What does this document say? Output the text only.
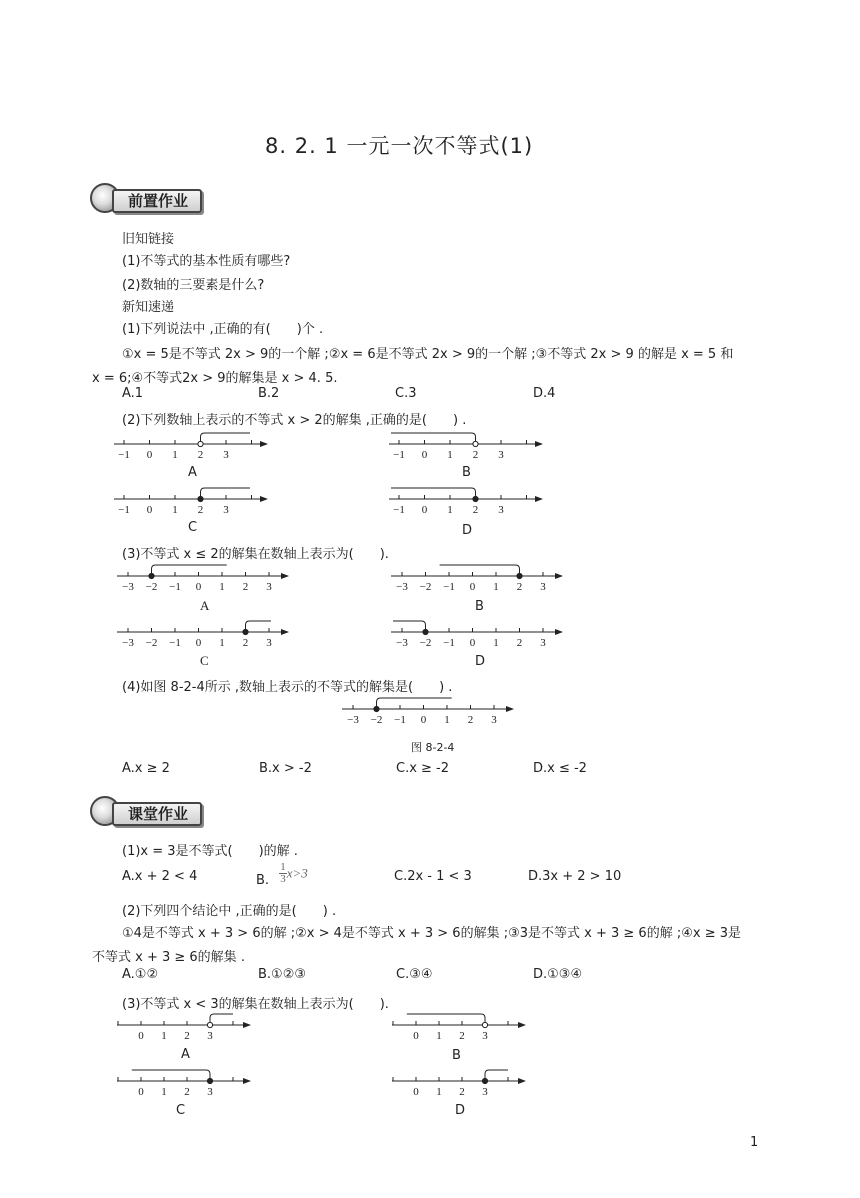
8. 2. 1 一元一次不等式(1)
前置作业
旧知链接
(1)不等式的基本性质有哪些?
(2)数轴的三要素是什么?
新知速递
(1)下列说法中 ,正确的有(　　)个 .
①x = 5是不等式 2x > 9的一个解 ;②x = 6是不等式 2x > 9的一个解 ;③不等式 2x > 9 的解是 x = 5 和
x = 6;④不等式2x > 9的解集是 x > 4. 5.
A.1	B.2	C.3	D.4
(2)下列数轴上表示的不等式 x > 2的解集 ,正确的是(　　) .
−1 0 1 2 3
A
−1 0 1 2 3
B
−1 0 1 2 3
C
−1 0 1 2 3
D
(3)不等式 x ≤ 2的解集在数轴上表示为(　　).
−3 −2 −1 0 1 2 3
A
−3 −2 −1 0 1 2 3
B
−3 −2 −1 0 1 2 3
C
−3 −2 −1 0 1 2 3
D
(4)如图 8-2-4所示 ,数轴上表示的不等式的解集是(　　) .
−3 −2 −1 0 1 2 3
图 8-2-4
A.x ≥ 2	B.x > -2	C.x ≥ -2	D.x ≤ -2
课堂作业
(1)x = 3是不等式(　　)的解 .
A.x + 2 < 4	B. $\frac{1}{3} x>3$	C.2x - 1 < 3	D.3x + 2 > 10
(2)下列四个结论中 ,正确的是(　　) .
①4是不等式 x + 3 > 6的解 ;②x > 4是不等式 x + 3 > 6的解集 ;③3是不等式 x + 3 ≥ 6的解 ;④x ≥ 3是
不等式 x + 3 ≥ 6的解集 .
A.①②	B.①②③	C.③④	D.①③④
(3)不等式 x < 3的解集在数轴上表示为(　　).
0 1 2 3
A
0 1 2 3
B
0 1 2 3
C
0 1 2 3
D
1
